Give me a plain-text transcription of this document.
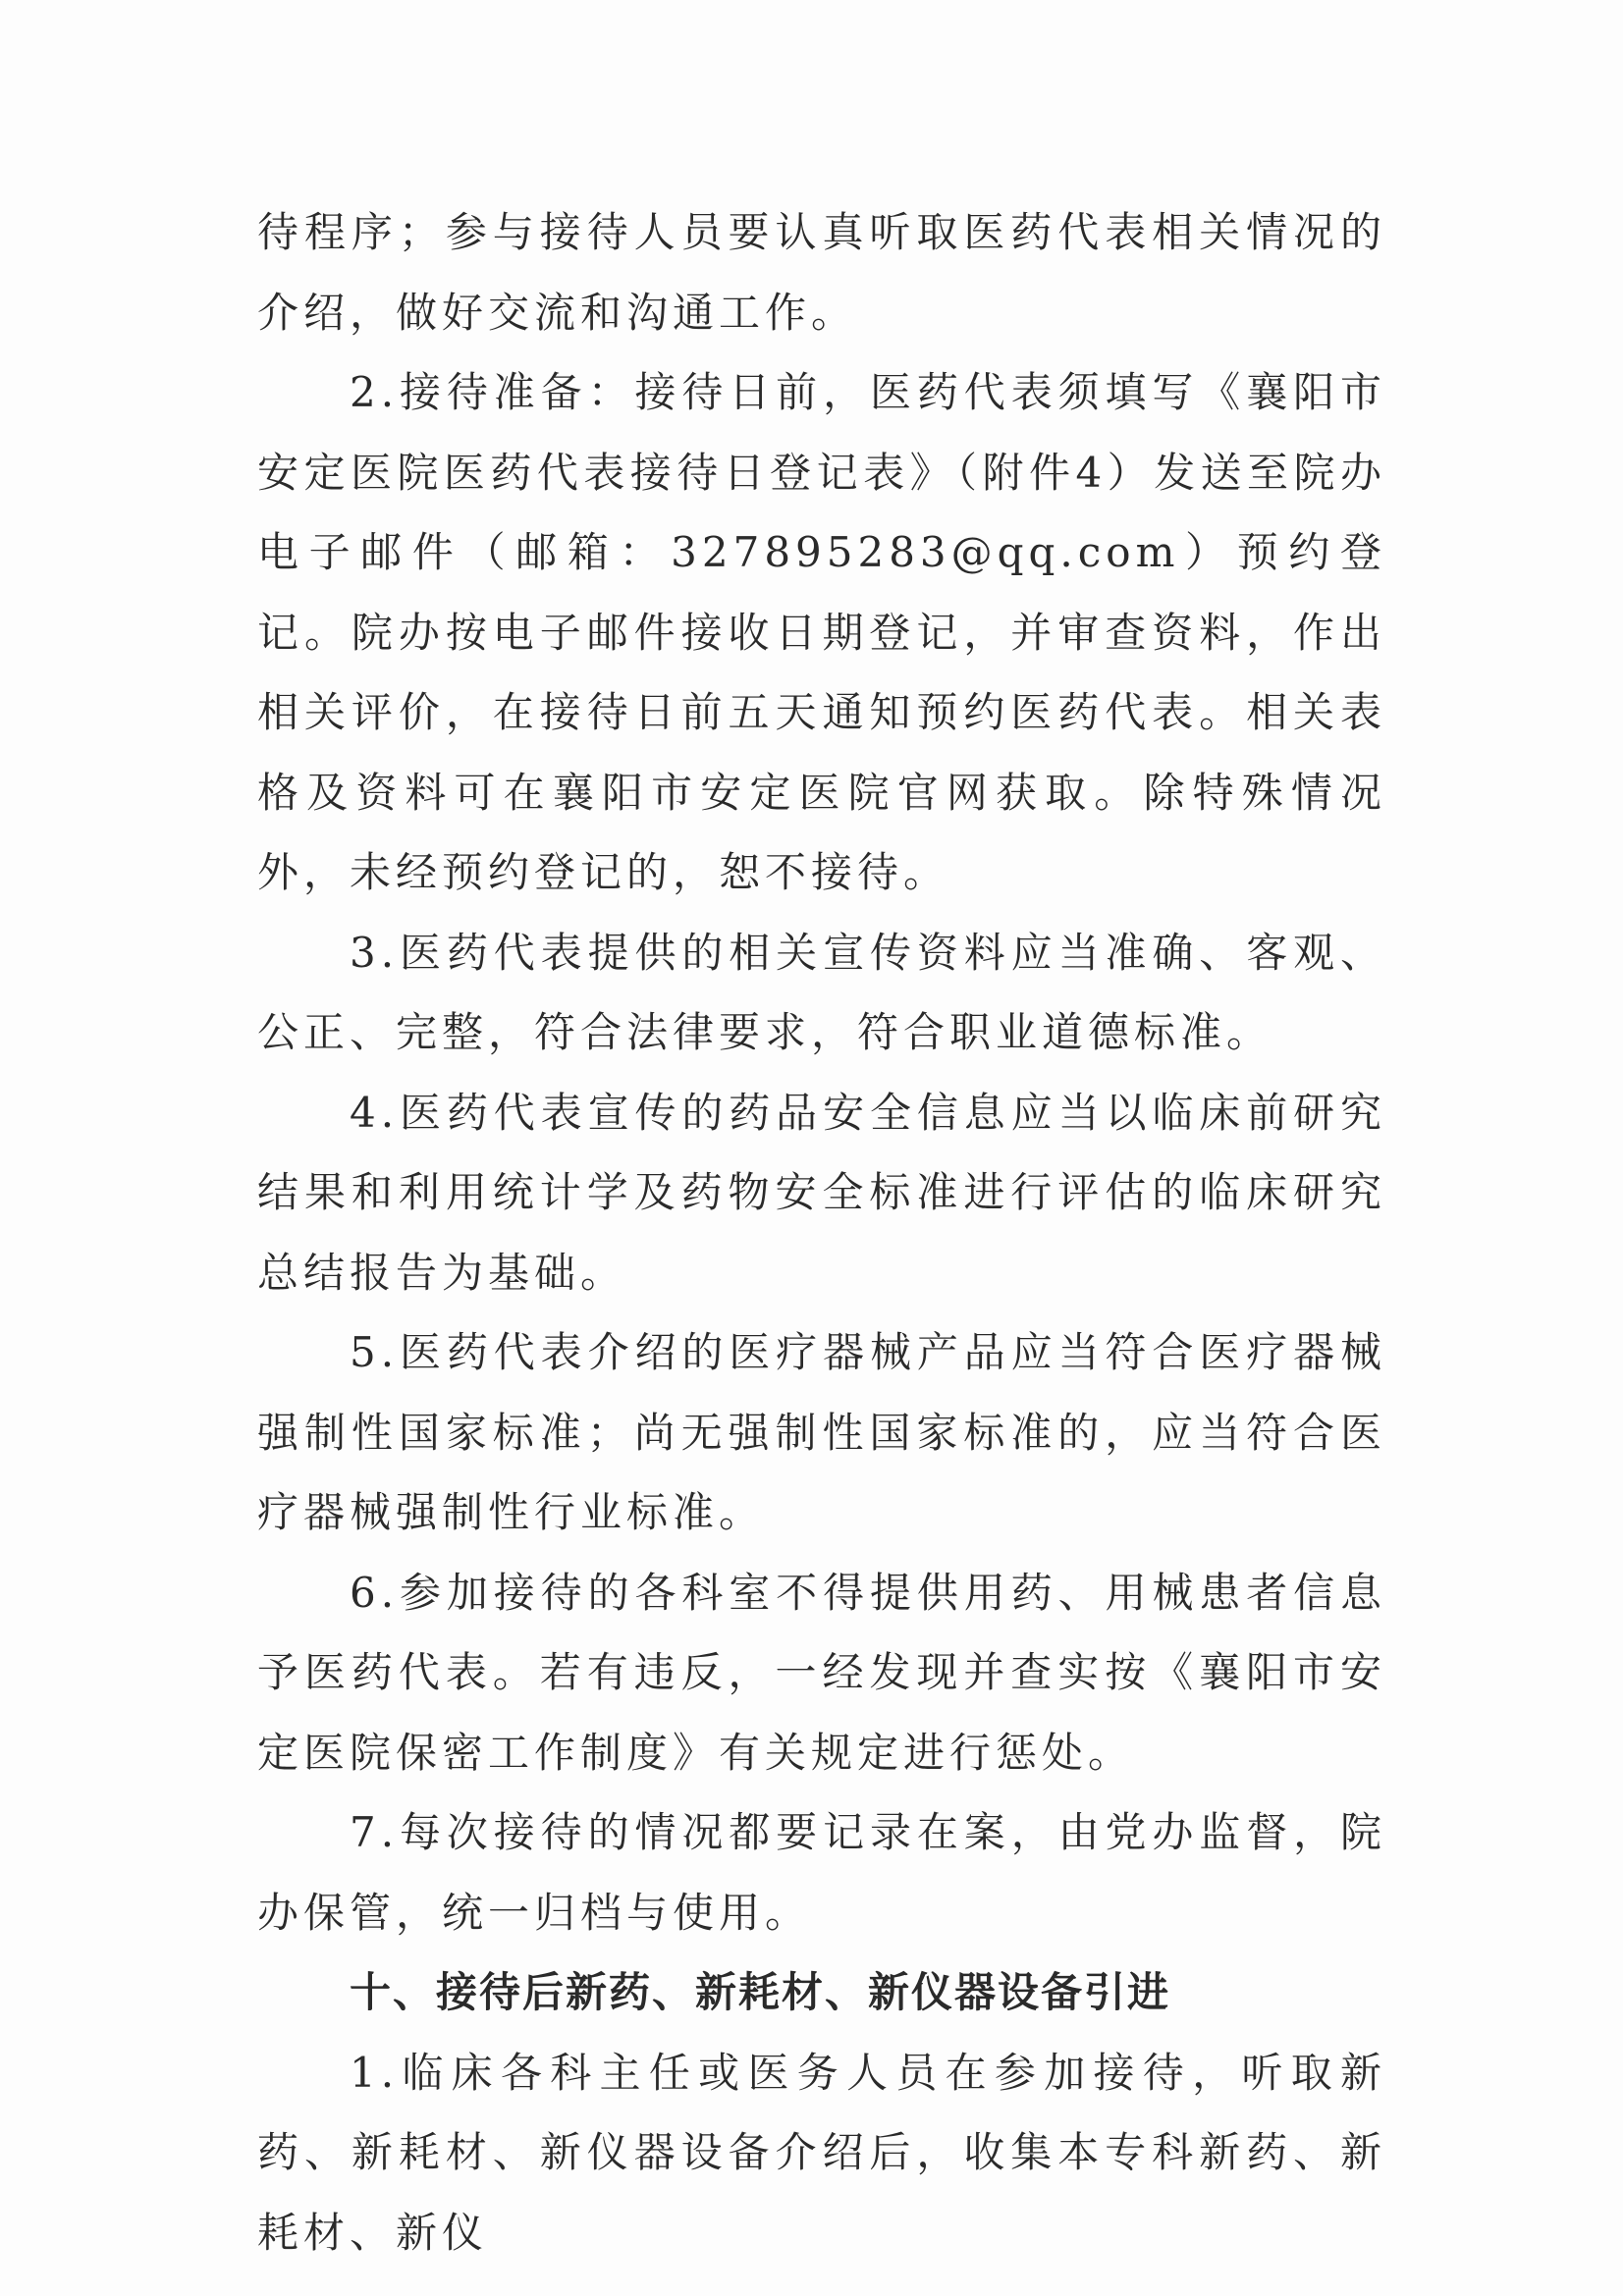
待程序；参与接待人员要认真听取医药代表相关情况的介绍，做好交流和沟通工作。

2.接待准备：接待日前，医药代表须填写《襄阳市安定医院医药代表接待日登记表》（附件4）发送至院办电子邮件（邮箱：327895283@qq.com）预约登记。院办按电子邮件接收日期登记，并审查资料，作出相关评价，在接待日前五天通知预约医药代表。相关表格及资料可在襄阳市安定医院官网获取。除特殊情况外，未经预约登记的，恕不接待。

3.医药代表提供的相关宣传资料应当准确、客观、公正、完整，符合法律要求，符合职业道德标准。

4.医药代表宣传的药品安全信息应当以临床前研究结果和利用统计学及药物安全标准进行评估的临床研究总结报告为基础。

5.医药代表介绍的医疗器械产品应当符合医疗器械强制性国家标准；尚无强制性国家标准的，应当符合医疗器械强制性行业标准。

6.参加接待的各科室不得提供用药、用械患者信息予医药代表。若有违反，一经发现并查实按《襄阳市安定医院保密工作制度》有关规定进行惩处。

7.每次接待的情况都要记录在案，由党办监督，院办保管，统一归档与使用。

十、接待后新药、新耗材、新仪器设备引进

1.临床各科主任或医务人员在参加接待，听取新药、新耗材、新仪器设备介绍后，收集本专科新药、新耗材、新仪
